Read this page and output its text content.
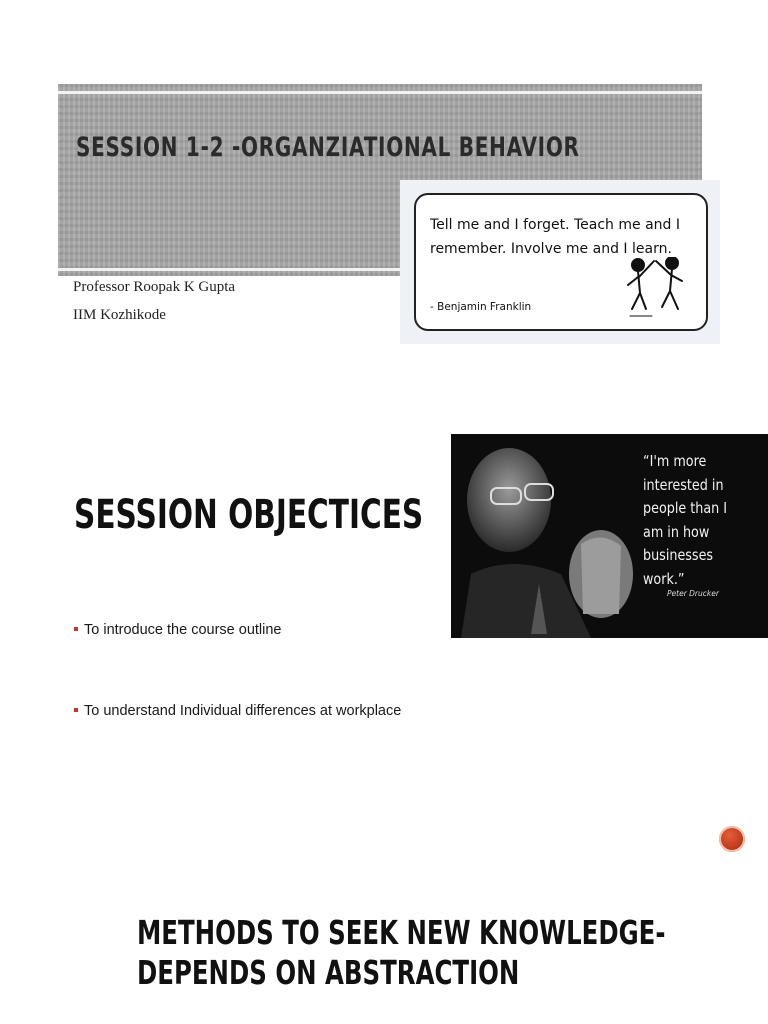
SESSION 1-2 -ORGANZIATIONAL BEHAVIOR
Professor Roopak K Gupta
IIM Kozhikode
Tell me and I forget. Teach me and I remember. Involve me and I learn.
- Benjamin Franklin
SESSION OBJECTICES
“I'm more interested in people than I am in how businesses work.”
Peter Drucker
To introduce the course outline
To understand Individual differences at workplace
METHODS TO SEEK NEW KNOWLEDGE-
DEPENDS ON ABSTRACTION
